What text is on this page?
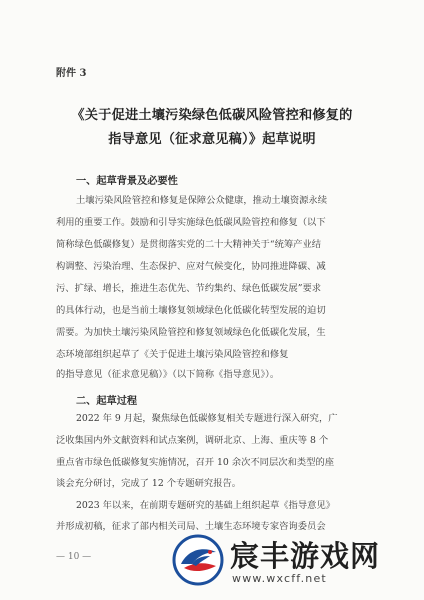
附件 3
《关于促进土壤污染绿色低碳风险管控和修复的
指导意见（征求意见稿）》起草说明
一、起草背景及必要性
土壤污染风险管控和修复是保障公众健康，推动土壤资源永续
利用的重要工作。鼓励和引导实施绿色低碳风险管控和修复（以下
简称绿色低碳修复）是贯彻落实党的二十大精神关于“统筹产业结
构调整、污染治理、生态保护、应对气候变化，协同推进降碳、减
污、扩绿、增长，推进生态优先、节约集约、绿色低碳发展”要求
的具体行动，也是当前土壤修复领域绿色化低碳化转型发展的迫切
需要。为加快土壤污染风险管控和修复领域绿色化低碳化发展，生
态环境部组织起草了《关于促进土壤污染风险管控和修复
的指导意见（征求意见稿）》（以下简称《指导意见》）。
二、起草过程
2022 年 9 月起，聚焦绿色低碳修复相关专题进行深入研究，广
泛收集国内外文献资料和试点案例，调研北京、上海、重庆等 8 个
重点省市绿色低碳修复实施情况，召开 10 余次不同层次和类型的座
谈会充分研讨，完成了 12 个专题研究报告。
2023 年以来，在前期专题研究的基础上组织起草《指导意见》
并形成初稿，征求了部内相关司局、土壤生态环境专家咨询委员会
— 10 —	宸丰游戏网
www.wxcff.net
